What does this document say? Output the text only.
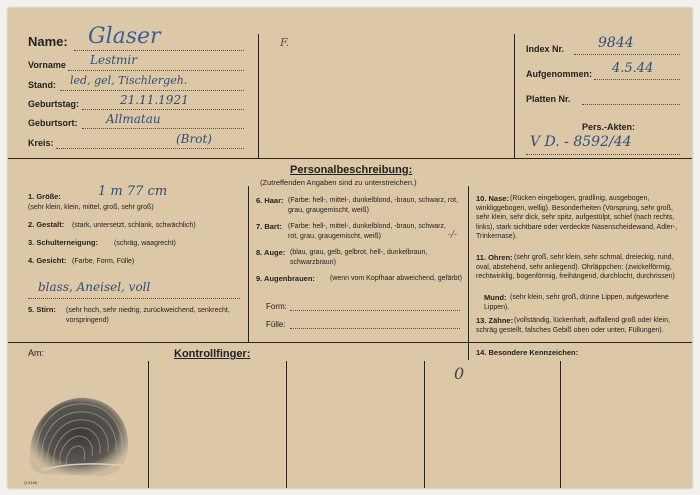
Name: Glaser
Vorname Lestmir
Stand: led, gel, Tischlergeh.
Geburtstag:	21.11.1921
Geburtsort: Allmatau
Kreis:	(Brot)
F.	Index Nr. 9844
Aufgenommen: 4.5.44
Platten Nr.
Pers.-Akten:
V D. - 8592/44
Personalbeschreibung:
(Zutreffenden Angaben sind zu unterstreichen.)
1. Größe:	1 m 77 cm
(sehr klein, klein, mittel, groß, sehr groß)
2. Gestalt: (stark, untersetzt, schlank, schwächlich)
3. Schulterneigung: (schräg, waagrecht)
4. Gesicht: (Farbe, Form, Fülle)
blass, Aneisel, voll
5. Stirn: (sehr hoch, sehr niedrig, zurückweichend, senkrecht, vorspringend)
6. Haar: (Farbe: hell-, mittel-, dunkelblond, -braun, schwarz, rot, grau, graugemischt, weiß)
7. Bart: (Farbe: hell-, mittel-, dunkelblond, -braun, schwarz, rot, grau, graugemischt, weiß)	-/-
8. Auge: (blau, grau, gelb, gelbrot, hell-, dunkelbraun, schwarzbraun)
9. Augenbrauen: (wenn vom Kopfhaar abweichend, gefärbt)
Form:
Fülle:
10. Nase: (Rücken eingebogen, gradlinig, ausgebogen, winkliggebogen, wellig). Besonderheiten (Vorsprung, sehr groß, sehr klein, sehr dick, sehr spitz, aufgestülpt, schief (nach rechts, links), stark sichtbare oder verdeckte Nasenscheidewand, Adler-, Trinkernase).
11. Ohren: (sehr groß, sehr klein, sehr schmal, dreieckig, rund, oval, abstehend, sehr anliegend). Ohrläppchen: (zwickelförmig, rechtwinklig, bogenförmig, freihängend, durchlocht, durchrissen)
Mund: (sehr klein, sehr groß, dünne Lippen, aufgeworfene Lippen).
13. Zähne: (vollständig, lückenhaft, auffallend groß oder klein, schräg gestellt, falsches Gebiß oben oder unten, Füllungen).
14. Besondere Kennzeichen:
Am:	Kontrollfinger:
0
Q.5166
